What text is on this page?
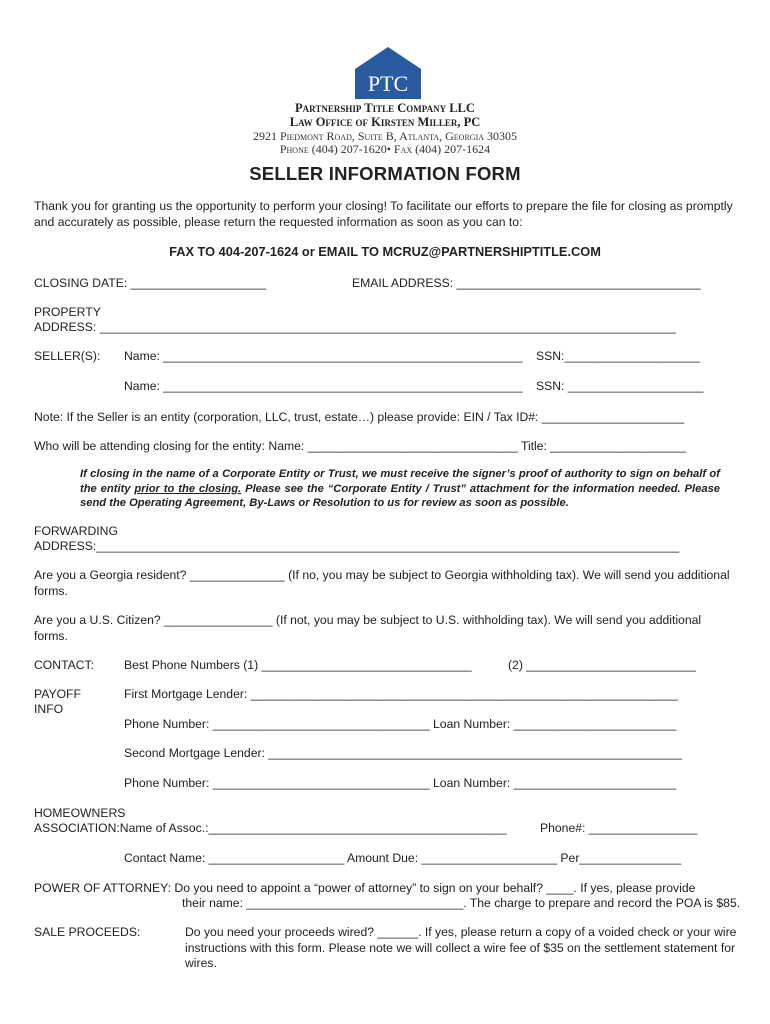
PTC
Partnership Title Company LLC
Law Office of Kirsten Miller, PC
2921 Piedmont Road, Suite B, Atlanta, Georgia 30305
Phone (404) 207-1620• Fax (404) 207-1624
SELLER INFORMATION FORM
Thank you for granting us the opportunity to perform your closing! To facilitate our efforts to prepare the file for closing as promptly and accurately as possible, please return the requested information as soon as you can to:
FAX TO 404-207-1624 or EMAIL TO MCRUZ@PARTNERSHIPTITLE.COM
CLOSING DATE: ____________________	EMAIL ADDRESS: ____________________________________
PROPERTY
ADDRESS: _____________________________________________________________________________________
SELLER(S): Name: _____________________________________________________ SSN:____________________
Name: _____________________________________________________ SSN: ____________________
Note: If the Seller is an entity (corporation, LLC, trust, estate…) please provide: EIN / Tax ID#: _____________________
Who will be attending closing for the entity: Name: _______________________________ Title: ____________________
If closing in the name of a Corporate Entity or Trust, we must receive the signer’s proof of authority to sign on behalf of the entity prior to the closing. Please see the “Corporate Entity / Trust” attachment for the information needed. Please send the Operating Agreement, By-Laws or Resolution to us for review as soon as possible.
FORWARDING
ADDRESS:______________________________________________________________________________________
Are you a Georgia resident? ______________ (If no, you may be subject to Georgia withholding tax). We will send you additional forms.
Are you a U.S. Citizen? ________________ (If not, you may be subject to U.S. withholding tax). We will send you additional forms.
CONTACT: Best Phone Numbers (1) _______________________________	(2) _________________________
PAYOFF
INFO
First Mortgage Lender: _______________________________________________________________
Phone Number: ________________________________ Loan Number: ________________________
Second Mortgage Lender: _____________________________________________________________
Phone Number: ________________________________ Loan Number: ________________________
HOMEOWNERS
ASSOCIATION:Name of Assoc.:____________________________________________	Phone#: ________________
Contact Name: ____________________ Amount Due: ____________________ Per_______________
POWER OF ATTORNEY: Do you need to appoint a “power of attorney” to sign on your behalf? ____. If yes, please provide
their name: ________________________________. The charge to prepare and record the POA is $85.
SALE PROCEEDS:	Do you need your proceeds wired? ______. If yes, please return a copy of a voided check or your wire instructions with this form. Please note we will collect a wire fee of $35 on the settlement statement for wires.
